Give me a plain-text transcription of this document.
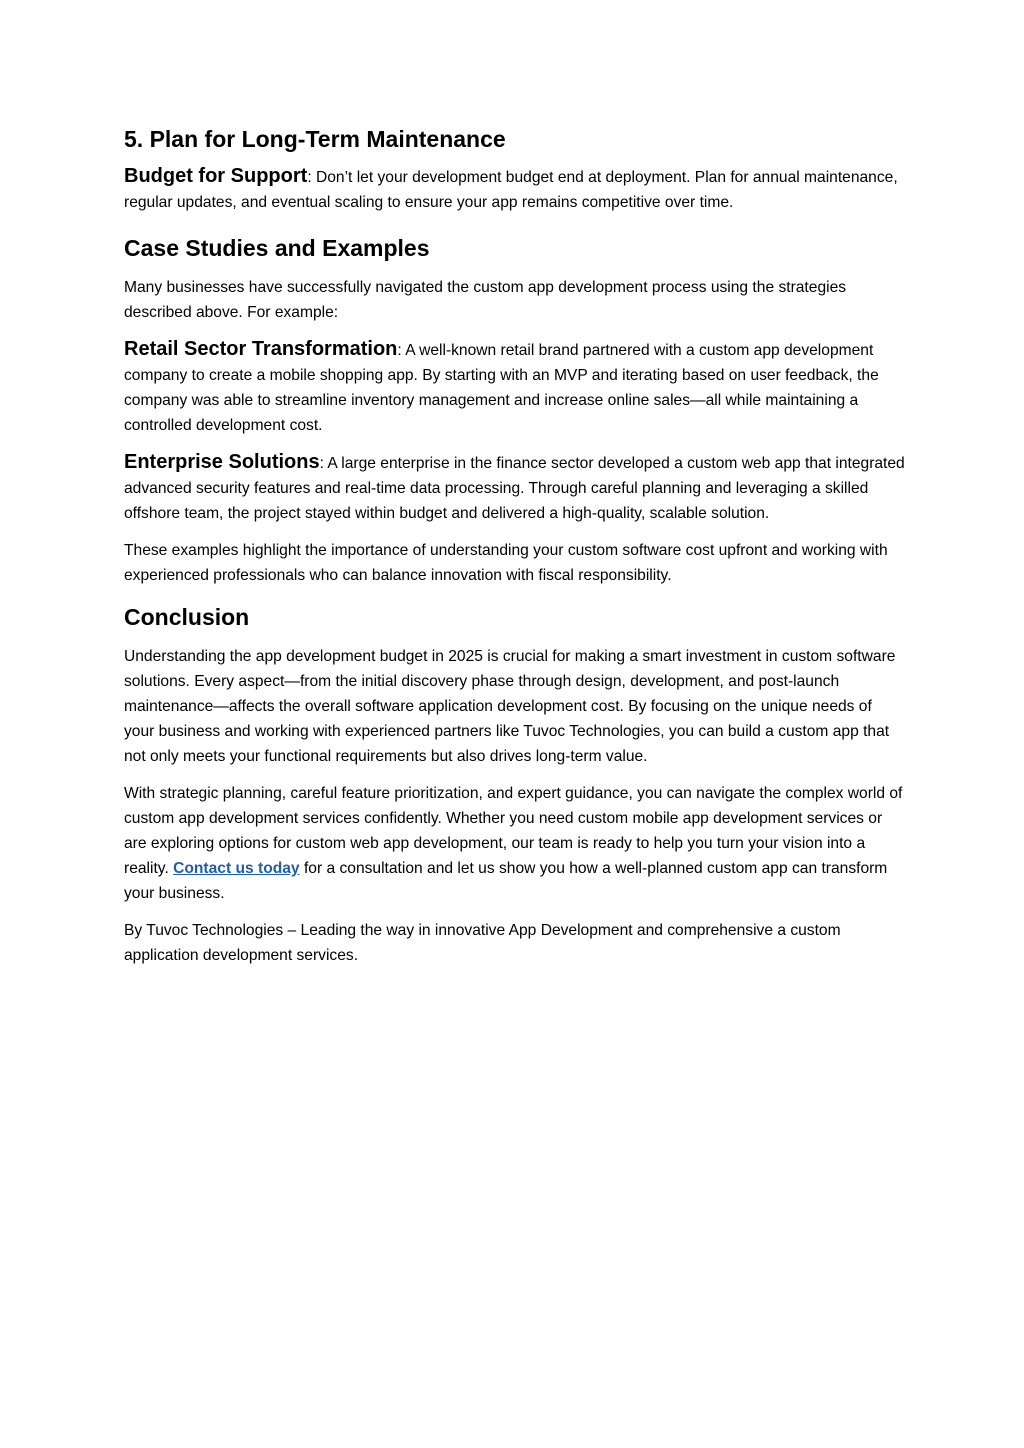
5. Plan for Long-Term Maintenance

Budget for Support: Don’t let your development budget end at deployment. Plan for annual maintenance, regular updates, and eventual scaling to ensure your app remains competitive over time.

Case Studies and Examples

Many businesses have successfully navigated the custom app development process using the strategies described above. For example:

Retail Sector Transformation: A well-known retail brand partnered with a custom app development company to create a mobile shopping app. By starting with an MVP and iterating based on user feedback, the company was able to streamline inventory management and increase online sales—all while maintaining a controlled development cost.

Enterprise Solutions: A large enterprise in the finance sector developed a custom web app that integrated advanced security features and real-time data processing. Through careful planning and leveraging a skilled offshore team, the project stayed within budget and delivered a high-quality, scalable solution.

These examples highlight the importance of understanding your custom software cost upfront and working with experienced professionals who can balance innovation with fiscal responsibility.

Conclusion

Understanding the app development budget in 2025 is crucial for making a smart investment in custom software solutions. Every aspect—from the initial discovery phase through design, development, and post-launch maintenance—affects the overall software application development cost. By focusing on the unique needs of your business and working with experienced partners like Tuvoc Technologies, you can build a custom app that not only meets your functional requirements but also drives long-term value.

With strategic planning, careful feature prioritization, and expert guidance, you can navigate the complex world of custom app development services confidently. Whether you need custom mobile app development services or are exploring options for custom web app development, our team is ready to help you turn your vision into a reality. Contact us today for a consultation and let us show you how a well-planned custom app can transform your business.

By Tuvoc Technologies – Leading the way in innovative App Development and comprehensive a custom application development services.
